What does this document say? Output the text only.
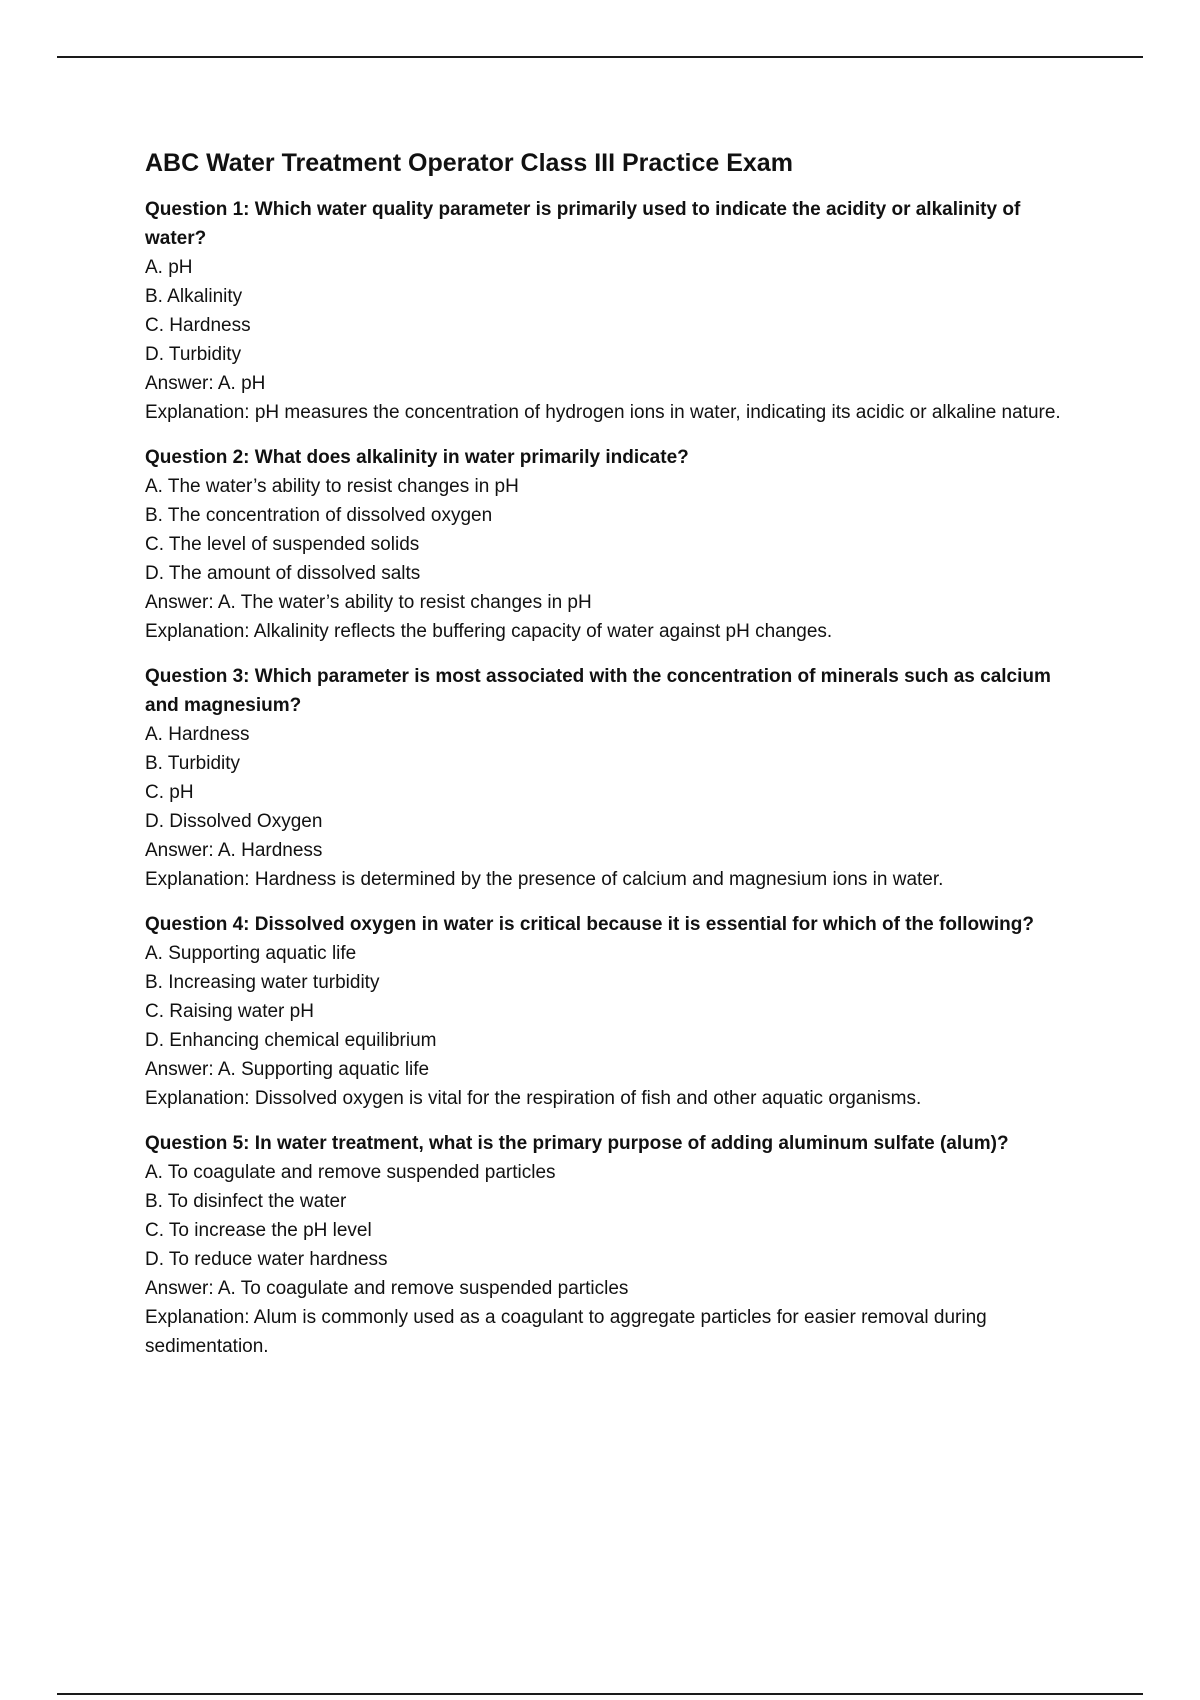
ABC Water Treatment Operator Class III Practice Exam
Question 1: Which water quality parameter is primarily used to indicate the acidity or alkalinity of water?
A. pH
B. Alkalinity
C. Hardness
D. Turbidity
Answer: A. pH
Explanation: pH measures the concentration of hydrogen ions in water, indicating its acidic or alkaline nature.
Question 2: What does alkalinity in water primarily indicate?
A. The water’s ability to resist changes in pH
B. The concentration of dissolved oxygen
C. The level of suspended solids
D. The amount of dissolved salts
Answer: A. The water’s ability to resist changes in pH
Explanation: Alkalinity reflects the buffering capacity of water against pH changes.
Question 3: Which parameter is most associated with the concentration of minerals such as calcium and magnesium?
A. Hardness
B. Turbidity
C. pH
D. Dissolved Oxygen
Answer: A. Hardness
Explanation: Hardness is determined by the presence of calcium and magnesium ions in water.
Question 4: Dissolved oxygen in water is critical because it is essential for which of the following?
A. Supporting aquatic life
B. Increasing water turbidity
C. Raising water pH
D. Enhancing chemical equilibrium
Answer: A. Supporting aquatic life
Explanation: Dissolved oxygen is vital for the respiration of fish and other aquatic organisms.
Question 5: In water treatment, what is the primary purpose of adding aluminum sulfate (alum)?
A. To coagulate and remove suspended particles
B. To disinfect the water
C. To increase the pH level
D. To reduce water hardness
Answer: A. To coagulate and remove suspended particles
Explanation: Alum is commonly used as a coagulant to aggregate particles for easier removal during sedimentation.
